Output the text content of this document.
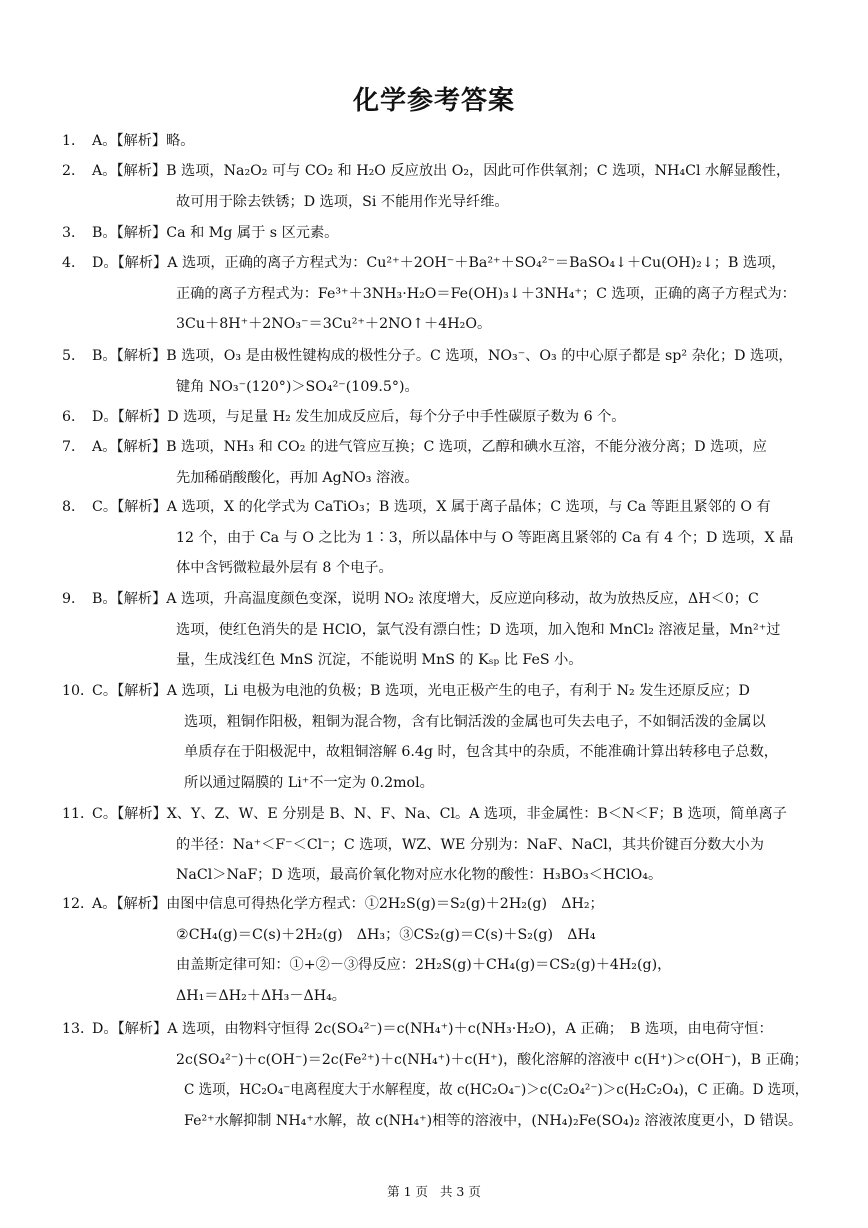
化学参考答案
1． A。【解析】略。
2． A。【解析】B 选项，Na₂O₂ 可与 CO₂ 和 H₂O 反应放出 O₂，因此可作供氧剂；C 选项，NH₄Cl 水解显酸性，
故可用于除去铁锈；D 选项，Si 不能用作光导纤维。
3． B。【解析】Ca 和 Mg 属于 s 区元素。
4． D。【解析】A 选项，正确的离子方程式为：Cu²⁺＋2OH⁻＋Ba²⁺＋SO₄²⁻＝BaSO₄↓＋Cu(OH)₂↓；B 选项，
正确的离子方程式为：Fe³⁺＋3NH₃·H₂O＝Fe(OH)₃↓＋3NH₄⁺；C 选项，正确的离子方程式为：
3Cu＋8H⁺＋2NO₃⁻＝3Cu²⁺＋2NO↑＋4H₂O。
5． B。【解析】B 选项，O₃ 是由极性键构成的极性分子。C 选项，NO₃⁻、O₃ 的中心原子都是 sp² 杂化；D 选项，
键角 NO₃⁻(120°)＞SO₄²⁻(109.5°)。
6． D。【解析】D 选项，与足量 H₂ 发生加成反应后，每个分子中手性碳原子数为 6 个。
7． A。【解析】B 选项，NH₃ 和 CO₂ 的进气管应互换；C 选项，乙醇和碘水互溶，不能分液分离；D 选项，应
先加稀硝酸酸化，再加 AgNO₃ 溶液。
8． C。【解析】A 选项，X 的化学式为 CaTiO₃；B 选项，X 属于离子晶体；C 选项，与 Ca 等距且紧邻的 O 有
12 个，由于 Ca 与 O 之比为 1∶3，所以晶体中与 O 等距离且紧邻的 Ca 有 4 个；D 选项，X 晶
体中含钙微粒最外层有 8 个电子。
9． B。【解析】A 选项，升高温度颜色变深，说明 NO₂ 浓度增大，反应逆向移动，故为放热反应，ΔH＜0；C
选项，使红色消失的是 HClO，氯气没有漂白性；D 选项，加入饱和 MnCl₂ 溶液足量，Mn²⁺过
量，生成浅红色 MnS 沉淀，不能说明 MnS 的 Kₛₚ 比 FeS 小。
10．
C。【解析】A 选项，Li 电极为电池的负极；B 选项，光电正极产生的电子，有利于 N₂ 发生还原反应；D
选项，粗铜作阳极，粗铜为混合物，含有比铜活泼的金属也可失去电子，不如铜活泼的金属以
单质存在于阳极泥中，故粗铜溶解 6.4g 时，包含其中的杂质，不能准确计算出转移电子总数，
所以通过隔膜的 Li⁺不一定为 0.2mol。
11．
C。【解析】X、Y、Z、W、E 分别是 B、N、F、Na、Cl。A 选项，非金属性：B＜N＜F；B 选项，简单离子
的半径：Na⁺＜F⁻＜Cl⁻；C 选项，WZ、WE 分别为：NaF、NaCl，其共价键百分数大小为
NaCl＞NaF；D 选项，最高价氧化物对应水化物的酸性：H₃BO₃＜HClO₄。
12．
A。【解析】由图中信息可得热化学方程式：①2H₂S(g)＝S₂(g)＋2H₂(g)　ΔH₂；
②CH₄(g)＝C(s)＋2H₂(g)　ΔH₃；③CS₂(g)＝C(s)＋S₂(g)　ΔH₄
由盖斯定律可知：①+②－③得反应：2H₂S(g)＋CH₄(g)＝CS₂(g)＋4H₂(g)，
ΔH₁＝ΔH₂＋ΔH₃－ΔH₄。
13．
D。【解析】A 选项，由物料守恒得 2c(SO₄²⁻)＝c(NH₄⁺)＋c(NH₃·H₂O)，A 正确；　B 选项，由电荷守恒：
2c(SO₄²⁻)＋c(OH⁻)＝2c(Fe²⁺)＋c(NH₄⁺)＋c(H⁺)，酸化溶解的溶液中 c(H⁺)＞c(OH⁻)，B 正确；
C 选项，HC₂O₄⁻电离程度大于水解程度，故 c(HC₂O₄⁻)＞c(C₂O₄²⁻)＞c(H₂C₂O₄)，C 正确。D 选项，
Fe²⁺水解抑制 NH₄⁺水解，故 c(NH₄⁺)相等的溶液中，(NH₄)₂Fe(SO₄)₂ 溶液浓度更小，D 错误。
第 1 页 共 3 页
